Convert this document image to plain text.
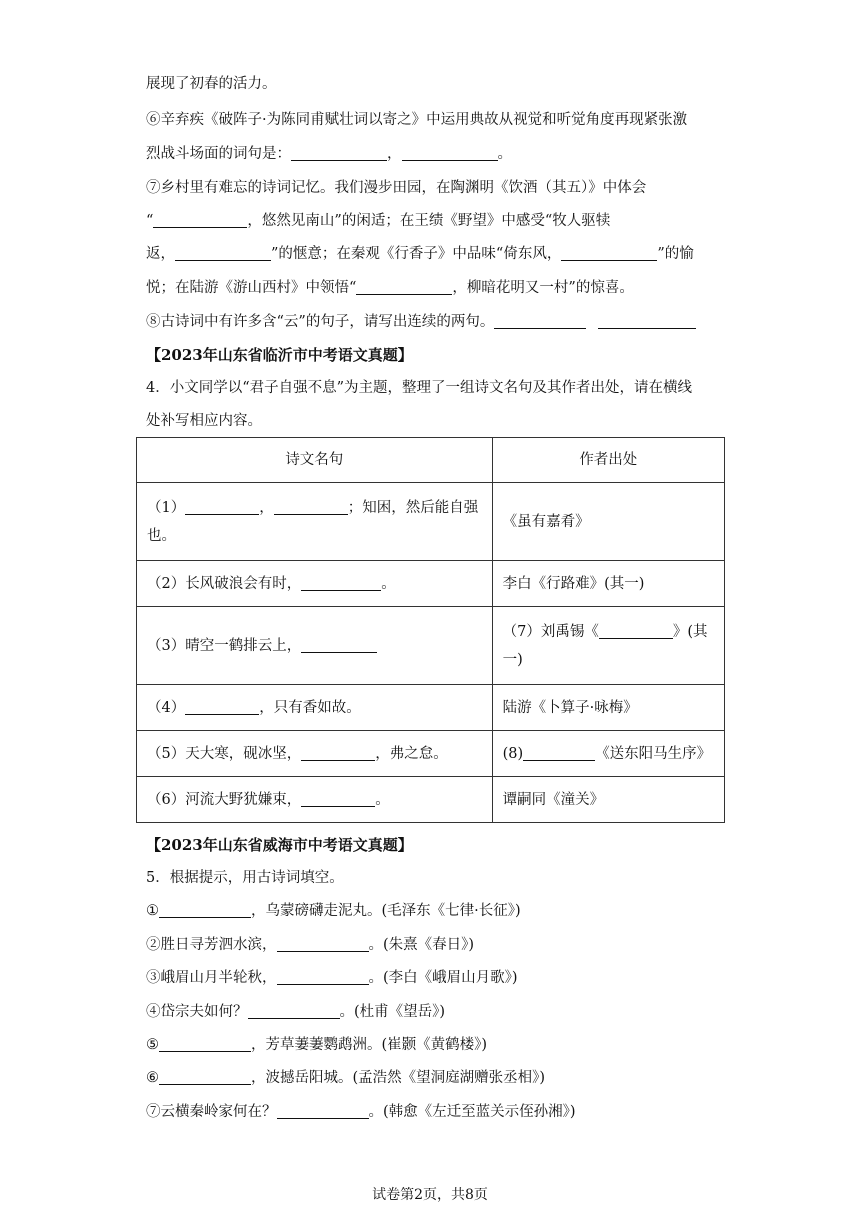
展现了初春的活力。
⑥辛弃疾《破阵子·为陈同甫赋壮词以寄之》中运用典故从视觉和听觉角度再现紧张激
烈战斗场面的词句是：	，	。
⑦乡村里有难忘的诗词记忆。我们漫步田园，在陶渊明《饮酒（其五）》中体会
“	，悠然见南山”的闲适；在王绩《野望》中感受“牧人驱犊
返，	”的惬意；在秦观《行香子》中品味“倚东风，	”的愉
悦；在陆游《游山西村》中领悟“	，柳暗花明又一村”的惊喜。
⑧古诗词中有许多含“云”的句子，请写出连续的两句。
【2023年山东省临沂市中考语文真题】
4．小文同学以“君子自强不息”为主题，整理了一组诗文名句及其作者出处，请在横线
处补写相应内容。
诗文名句	作者出处
（1） ， ；知困，然后能自强
也。	《虽有嘉肴》
（2）长风破浪会有时， 。	李白《行路难》(其一)
（3）晴空一鹤排云上，	（7）刘禹锡《 》(其
一)
（4） ，只有香如故。	陆游《卜算子·咏梅》
（5）天大寒，砚冰坚， ，弗之怠。	(8) 《送东阳马生序》
（6）河流大野犹嫌束， 。	谭嗣同《潼关》
【2023年山东省威海市中考语文真题】
5．根据提示，用古诗词填空。
①	，乌蒙磅礴走泥丸。(毛泽东《七律·长征》)
②胜日寻芳泗水滨，	。(朱熹《春日》)
③峨眉山月半轮秋，	。(李白《峨眉山月歌》)
④岱宗夫如何？	。(杜甫《望岳》)
⑤	，芳草萋萋鹦鹉洲。(崔颢《黄鹤楼》)
⑥	，波撼岳阳城。(孟浩然《望洞庭湖赠张丞相》)
⑦云横秦岭家何在？	。(韩愈《左迁至蓝关示侄孙湘》)
试卷第2页，共8页
